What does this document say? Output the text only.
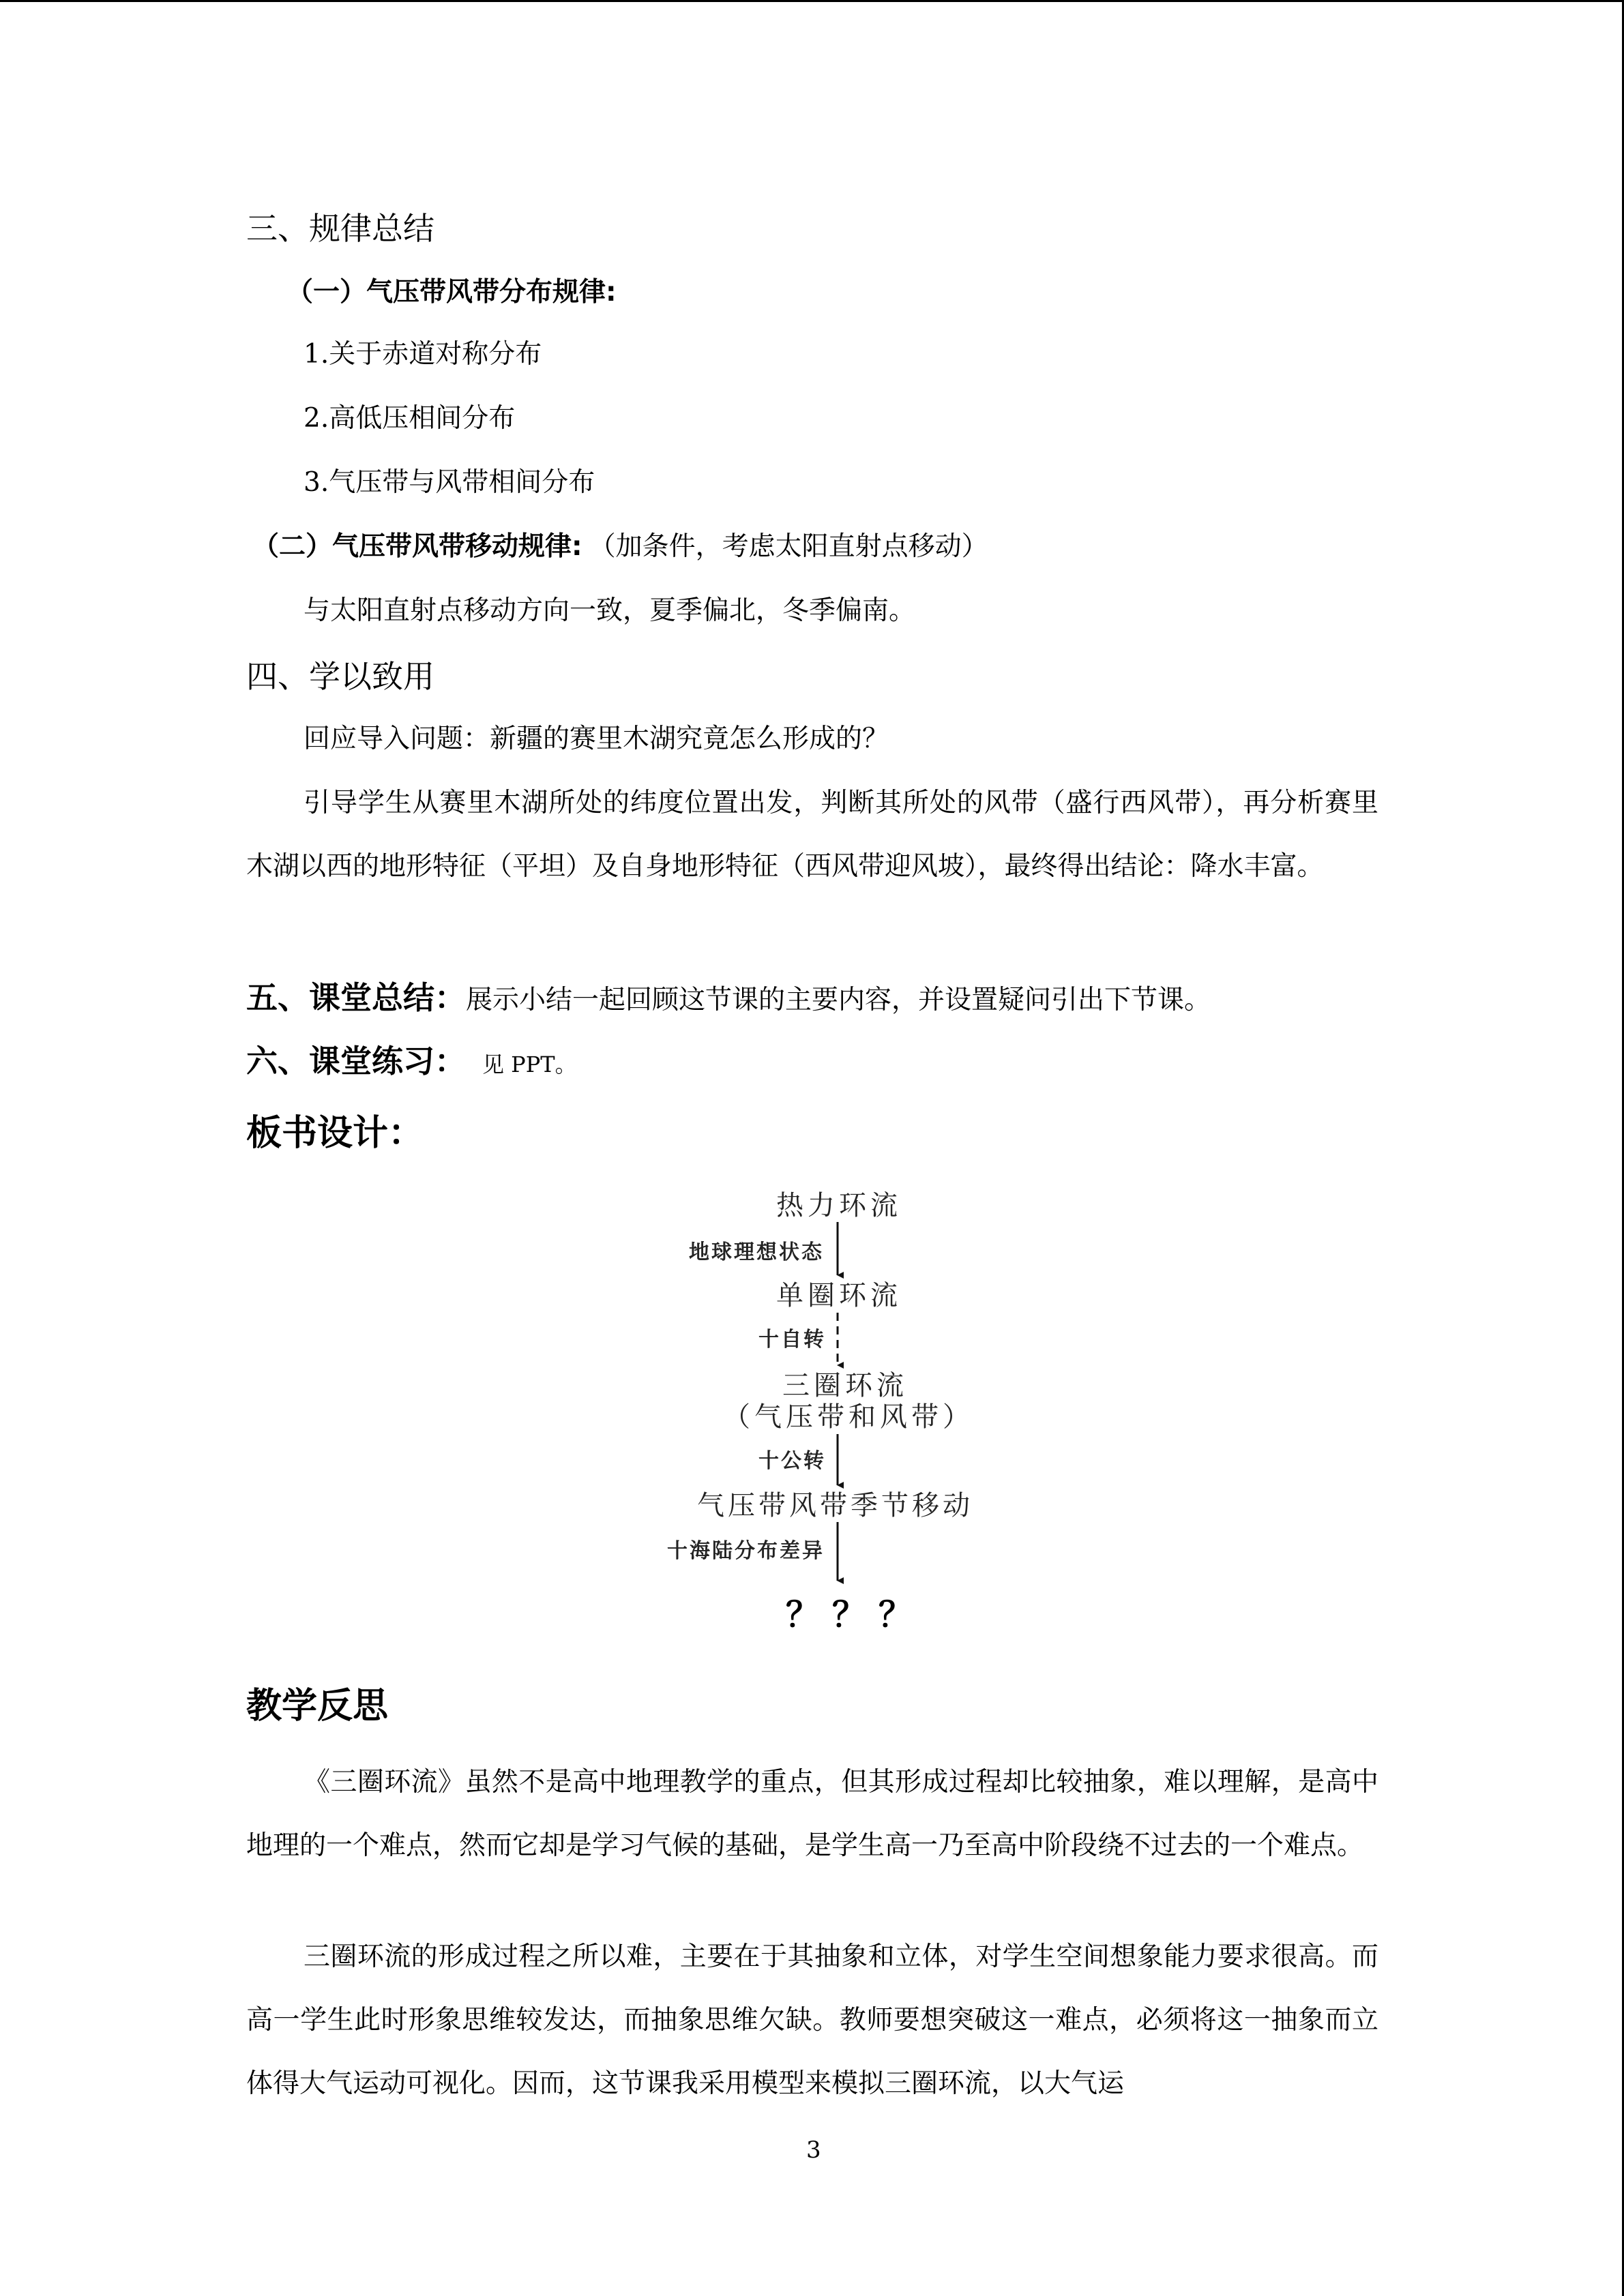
三、规律总结
（一）气压带风带分布规律:
1.关于赤道对称分布
2.高低压相间分布
3.气压带与风带相间分布
（二）气压带风带移动规律: （加条件，考虑太阳直射点移动）
与太阳直射点移动方向一致，夏季偏北，冬季偏南。
四、学以致用
回应导入问题：新疆的赛里木湖究竟怎么形成的？

引导学生从赛里木湖所处的纬度位置出发，判断其所处的风带（盛行西风带），再分析赛里木湖以西的地形特征（平坦）及自身地形特征（西风带迎风坡），最终得出结论：降水丰富。

五、课堂总结：展示小结一起回顾这节课的主要内容，并设置疑问引出下节课。
六、课堂练习： 见 PPT。
板书设计：
热力环流
地球理想状态
单圈环流
十自转
三圈环流
（气压带和风带）
十公转
气压带风带季节移动
十海陆分布差异
？？？
教学反思

《三圈环流》虽然不是高中地理教学的重点，但其形成过程却比较抽象，难以理解，是高中地理的一个难点，然而它却是学习气候的基础，是学生高一乃至高中阶段绕不过去的一个难点。

三圈环流的形成过程之所以难，主要在于其抽象和立体，对学生空间想象能力要求很高。而高一学生此时形象思维较发达，而抽象思维欠缺。教师要想突破这一难点，必须将这一抽象而立体得大气运动可视化。因而，这节课我采用模型来模拟三圈环流，以大气运

3
